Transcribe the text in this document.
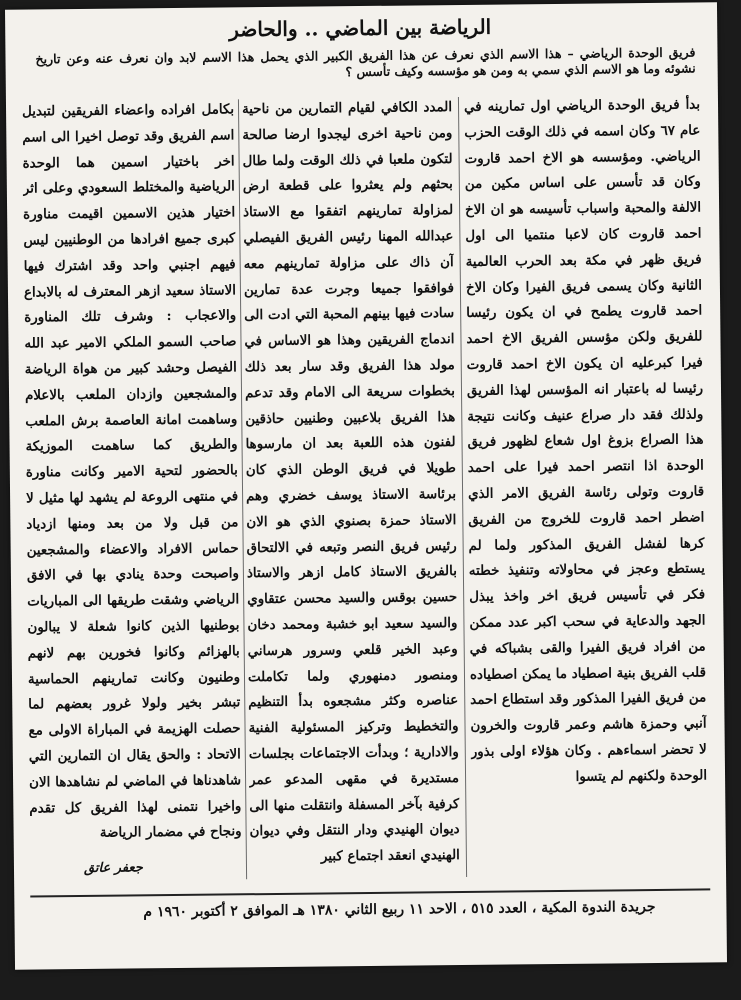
الرياضة بين الماضي .. والحاضر
فريق الوحدة الرياضي – هذا الاسم الذي نعرف عن هذا الفريق الكبير الذي يحمل هذا الاسم لابد وان نعرف عنه وعن تاريخ نشوئه وما هو الاسم الذي سمي به ومن هو مؤسسه وكيف تأسس ؟
بدأ فريق الوحدة الرياضي اول تمارينه في عام ٦٧ وكان اسمه في ذلك الوقت الحزب الرياضي. ومؤسسه هو الاخ احمد قاروت وكان قد تأسس على اساس مكين من الالفة والمحبة واسباب تأسيسه هو ان الاخ احمد قاروت كان لاعبا منتميا الى اول فريق ظهر في مكة بعد الحرب العالمية الثانية وكان يسمى فريق الفيرا وكان الاخ احمد قاروت يطمح في ان يكون رئيسا للفريق ولكن مؤسس الفريق الاخ احمد فيرا كبرعليه ان يكون الاخ احمد قاروت رئيسا له باعتبار انه المؤسس لهذا الفريق ولذلك فقد دار صراع عنيف وكانت نتيجة هذا الصراع بزوغ اول شعاع لظهور فريق الوحدة اذا انتصر احمد فيرا على احمد قاروت وتولى رئاسة الفريق الامر الذي اضطر احمد قاروت للخروج من الفريق كرها لفشل الفريق المذكور ولما لم يستطع وعجز في محاولاته وتنفيذ خطته فكر في تأسيس فريق اخر واخذ يبذل الجهد والدعاية في سحب اكبر عدد ممكن من افراد فريق الفيرا والقى بشباكه في قلب الفريق بنية اصطياد ما يمكن اصطياده من فريق الفيرا المذكور وقد استطاع احمد آنبي وحمزة هاشم وعمر قاروت والخرون لا تحضر اسماءهم . وكان هؤلاء اولى بذور الوحدة ولكنهم لم يتسوا
المدد الكافي لقيام التمارين من ناحية ومن ناحية اخرى ليجدوا ارضا صالحة لتكون ملعبا في ذلك الوقت ولما طال بحثهم ولم يعثروا على قطعة ارض لمزاولة تمارينهم اتفقوا مع الاستاذ عبدالله المهنا رئيس الفريق الفيصلي آن ذاك على مزاولة تمارينهم معه فوافقوا جميعا وجرت عدة تمارين سادت فيها بينهم المحبة التي ادت الى اندماج الفريقين وهذا هو الاساس في مولد هذا الفريق وقد سار بعد ذلك بخطوات سريعة الى الامام وقد تدعم هذا الفريق بلاعبين وطنيين حاذقين لفنون هذه اللعبة بعد ان مارسوها طويلا في فريق الوطن الذي كان برئاسة الاستاذ يوسف خضري وهم الاستاذ حمزة بصنوي الذي هو الان رئيس فريق النصر وتبعه في الالتحاق بالفريق الاستاذ كامل ازهر والاستاذ حسين بوقس والسيد محسن عتقاوي والسيد سعيد ابو خشبة ومحمد دخان وعبد الخير قلعي وسرور هرساني ومنصور دمنهوري ولما تكاملت عناصره وكثر مشجعوه بدأ التنظيم والتخطيط وتركيز المسئولية الفنية والادارية ؛ وبدأت الاجتماعات بجلسات مستديرة في مقهى المدعو عمر كرفية بآخر المسفلة وانتقلت منها الى ديوان الهنيدي ودار النتقل وفي ديوان الهنيدي انعقد اجتماع كبير
بكامل افراده واعضاء الفريقين لتبديل اسم الفريق وقد توصل اخيرا الى اسم اخر باختيار اسمين هما الوحدة الرياضية والمختلط السعودي وعلى اثر اختيار هذين الاسمين اقيمت مناورة كبرى جميع افرادها من الوطنيين ليس فيهم اجنبي واحد وقد اشترك فيها الاستاذ سعيد ازهر المعترف له بالابداع والاعجاب : وشرف تلك المناورة صاحب السمو الملكي الامير عبد الله الفيصل وحشد كبير من هواة الرياضة والمشجعين وازدان الملعب بالاعلام وساهمت امانة العاصمة برش الملعب والطريق كما ساهمت الموزيكة بالحضور لتحية الامير وكانت مناورة في منتهى الروعة لم يشهد لها مثيل لا من قبل ولا من بعد ومنها ازدياد حماس الافراد والاعضاء والمشجعين واصبحت وحدة ينادي بها في الافق الرياضي وشقت طريقها الى المباريات بوطنيها الذين كانوا شعلة لا يبالون بالهزائم وكانوا فخورين بهم لانهم وطنيون وكانت تمارينهم الحماسية تبشر بخير ولولا غرور بعضهم لما حصلت الهزيمة في المباراة الاولى مع الاتحاد : والحق يقال ان التمارين التي شاهدناها في الماضي لم نشاهدها الان واخيرا نتمنى لهذا الفريق كل تقدم ونجاح في مضمار الرياضة
جعفر عاتق
جريدة الندوة المكية ، العدد ٥١٥ ، الاحد ١١ ربيع الثاني ١٣٨٠ هـ الموافق ٢ أكتوبر ١٩٦٠ م
